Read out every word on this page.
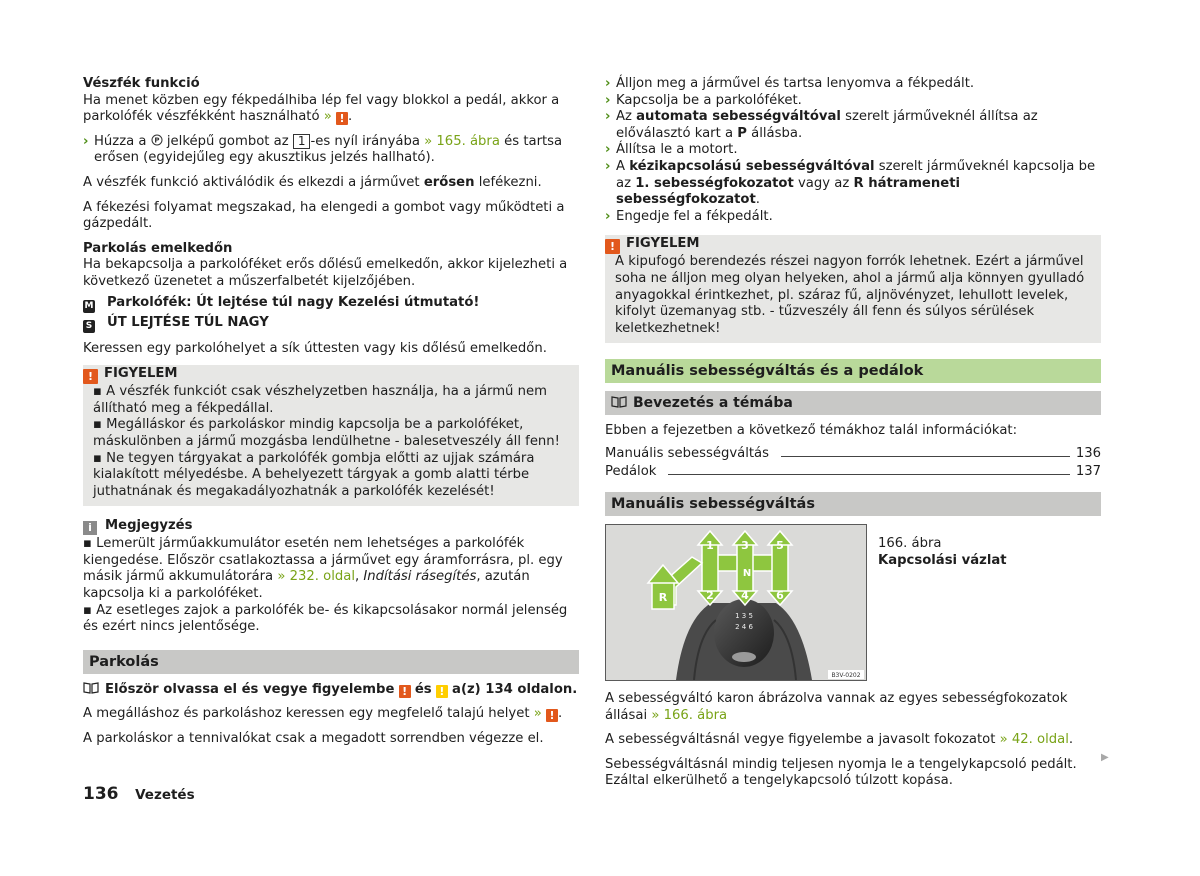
Vészfék funkció

Ha menet közben egy fékpedálhiba lép fel vagy blokkol a pedál, akkor a parkolófék vészfékként használható » ! .

› Húzza a P jelképű gombot az 1 -es nyíl irányába » 165. ábra és tartsa erősen (egyidejűleg egy akusztikus jelzés hallható).

A vészfék funkció aktiválódik és elkezdi a járművet erősen lefékezni.

A fékezési folyamat megszakad, ha elengedi a gombot vagy működteti a gázpedált.

Parkolás emelkedőn

Ha bekapcsolja a parkolóféket erős dőlésű emelkedőn, akkor kijelezheti a következő üzenetet a műszerfalbetét kijelzőjében.

M Parkolófék: Út lejtése túl nagy Kezelési útmutató!
S ÚT LEJTÉSE TÚL NAGY

Keressen egy parkolóhelyet a sík úttesten vagy kis dőlésű emelkedőn.

! FIGYELEM
▪ A vészfék funkciót csak vészhelyzetben használja, ha a jármű nem állítható meg a fékpedállal.
▪ Megálláskor és parkoláskor mindig kapcsolja be a parkolóféket, máskulönben a jármű mozgásba lendülhetne - balesetveszély áll fenn!
▪ Ne tegyen tárgyakat a parkolófék gombja előtti az ujjak számára kialakított mélyedésbe. A behelyezett tárgyak a gomb alatti térbe juthatnának és megakadályozhatnák a parkolófék kezelését!
i Megjegyzés
▪ Lemerült járműakkumulátor esetén nem lehetséges a parkolófék kiengedése. Először csatlakoztassa a járművet egy áramforrásra, pl. egy másik jármű akkumulátorára » 232. oldal, Indítási rásegítés, azután kapcsolja ki a parkolóféket.
▪ Az esetleges zajok a parkolófék be- és kikapcsolásakor normál jelenség és ezért nincs jelentősége.
Parkolás

Először olvassa el és vegye figyelembe ! és ! a(z) 134 oldalon.

A megálláshoz és parkoláshoz keressen egy megfelelő talajú helyet » ! .

A parkoláskor a tennivalókat csak a megadott sorrendben végezze el.

› Álljon meg a járművel és tartsa lenyomva a fékpedált.
› Kapcsolja be a parkolóféket.
› Az automata sebességváltóval szerelt járműveknél állítsa az előválasztó kart a P állásba.
› Állítsa le a motort.
› A kézikapcsolású sebességváltóval szerelt járműveknél kapcsolja be az 1. sebességfokozatot vagy az R hátrameneti sebességfokozatot.
› Engedje fel a fékpedált.
! FIGYELEM
A kipufogó berendezés részei nagyon forrók lehetnek. Ezért a járművel soha ne álljon meg olyan helyeken, ahol a jármű alja könnyen gyulladó anyagokkal érintkezhet, pl. száraz fű, aljnövényzet, lehullott levelek, kifolyt üzemanyag stb. - tűzveszély áll fenn és súlyos sérülések keletkezhetnek!
Manuális sebességváltás és a pedálok
Bevezetés a témába

Ebben a fejezetben a következő témákhoz talál információkat:

Manuális sebességváltás	136
Pedálok	137
Manuális sebességváltás
1 3 5
2 4 6
1 3 5
N
2 4 6
R
B3V-0202
166. ábra
Kapcsolási vázlat

A sebességváltó karon ábrázolva vannak az egyes sebességfokozatok állásai » 166. ábra

A sebességváltásnál vegye figyelembe a javasolt fokozatot » 42. oldal.

Sebességváltásnál mindig teljesen nyomja le a tengelykapcsoló pedált. Ezáltal elkerülhető a tengelykapcsoló túlzott kopása.

▶
136 Vezetés
